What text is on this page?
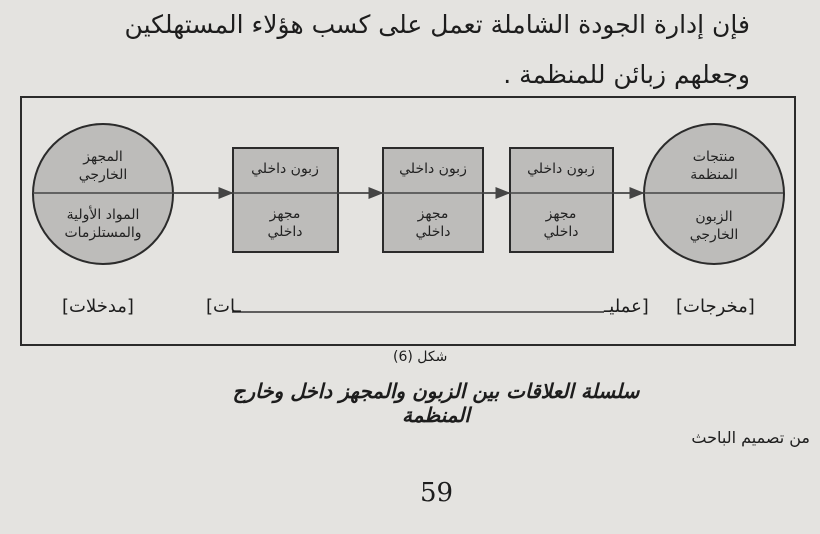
فإن إدارة الجودة الشاملة تعمل على كسب هؤلاء المستهلكين
وجعلهم زبائن للمنظمة .
المجهز الخارجي
المواد الأولية والمستلزمات
زبون داخلي
مجهز داخلي
زبون داخلي
مجهز داخلي
زبون داخلي
مجهز داخلي
منتجات المنظمة
الزبون الخارجي
[مدخلات]	[عمليـ
ـات]	[مخرجات]
شكل (6)
سلسلة العلاقات بين الزبون والمجهز داخل وخارج المنظمة
من تصميم الباحث
59
